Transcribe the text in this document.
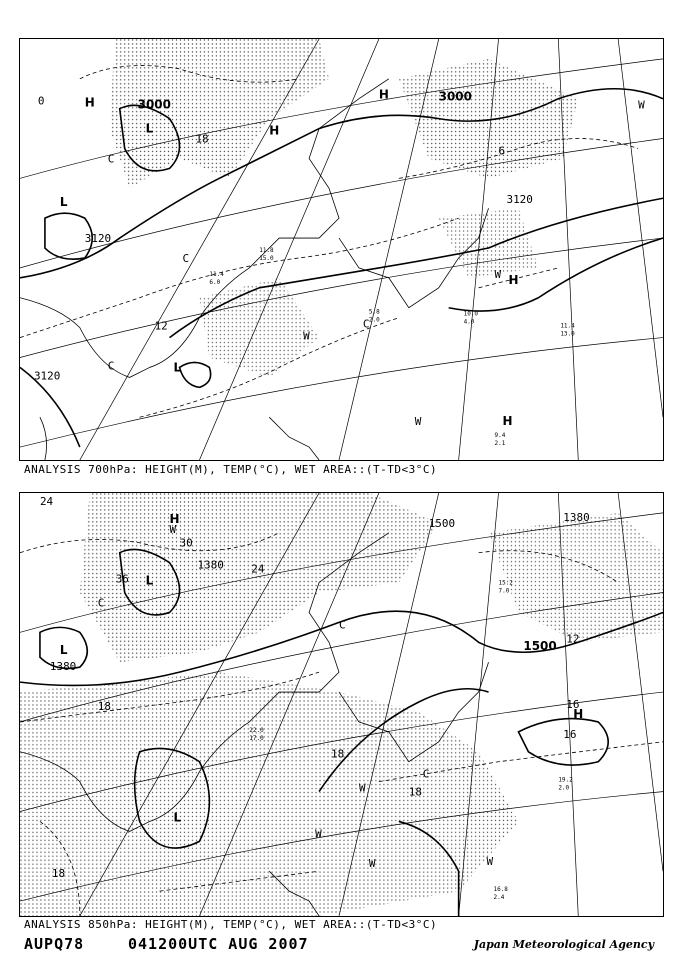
3000
3000
3120
3120
3120
H
H
H
H
H
L
L
L
C
C
C
C
W
W
W
W
18
12
6
0
11.8
15.0
11.4
6.0
9.4
2.1
10.0
4.0
11.4
13.0
5.8
2.0
ANALYSIS 700hPa: HEIGHT(M), TEMP(°C), WET AREA::(T-TD<3°C)
1380
1380
1380
1500
1500
H
H
L
L
L
C
C
C
W
W
W	W
W
24
30
36
24
18
18
18
18
12
16
16
15.2
7.0
19.2
2.0
16.8
2.4
22.0
17.0
ANALYSIS 850hPa: HEIGHT(M), TEMP(°C), WET AREA::(T-TD<3°C)
AUPQ78	041200UTC AUG 2007	Japan Meteorological Agency
